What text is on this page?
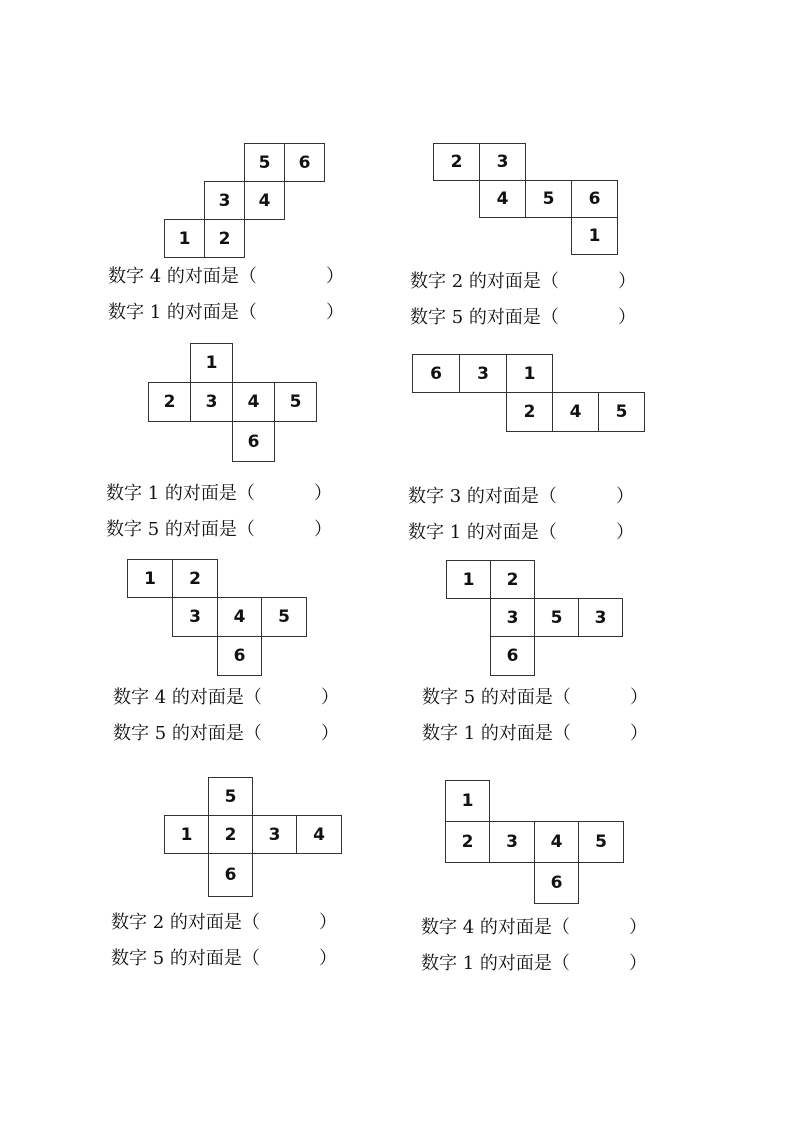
5	6
3	4
1	2
数字 4 的对面是（	）
数字 1 的对面是（	）
2	3
4	5	6
1
数字 2 的对面是（	）
数字 5 的对面是（	）
1
2	3	4	5
6
数字 1 的对面是（	）
数字 5 的对面是（	）
6	3	1
2	4	5
数字 3 的对面是（	）
数字 1 的对面是（	）
1	2
3	4	5
6
数字 4 的对面是（	）
数字 5 的对面是（	）
1	2
3	5	3
6
数字 5 的对面是（	）
数字 1 的对面是（	）
5
1	2	3	4
6
数字 2 的对面是（	）
数字 5 的对面是（	）
1
2	3	4	5
6
数字 4 的对面是（	）
数字 1 的对面是（	）
